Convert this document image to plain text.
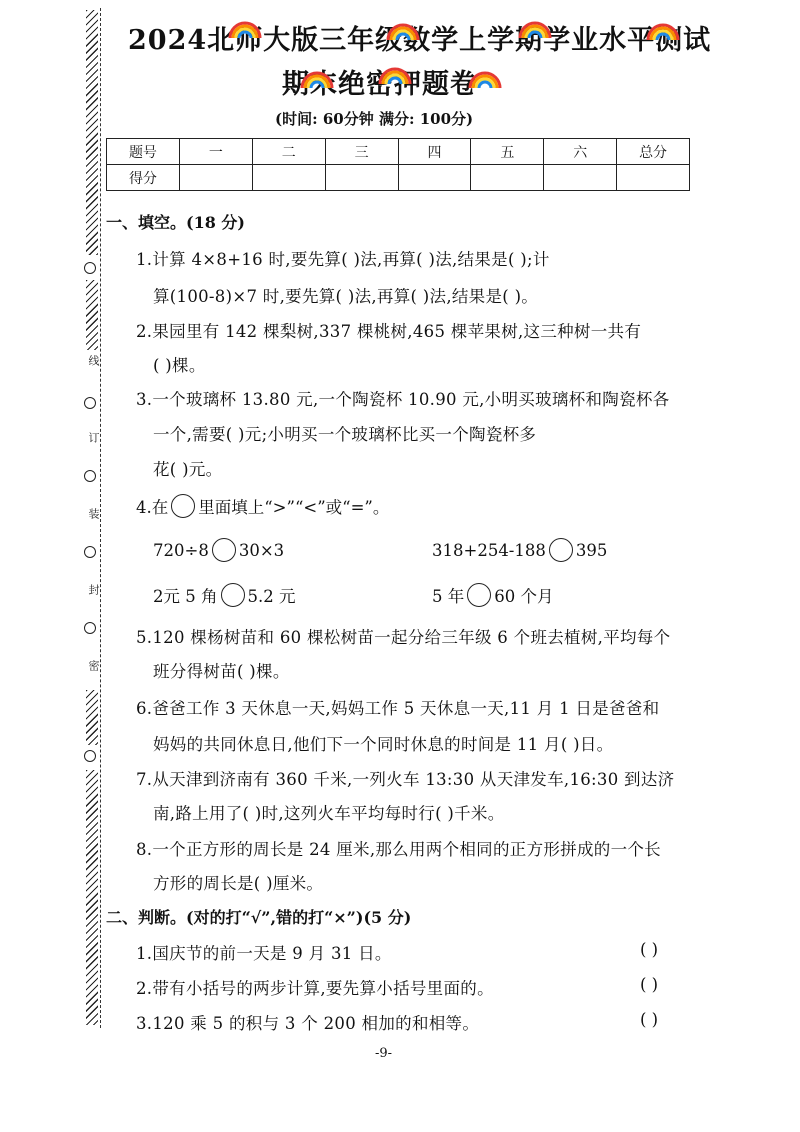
线
订
装
封
密
2024北师大版三年级数学上学期学业水平测试
期末绝密押题卷
(时间: 60分钟 满分: 100分)
题号	一	二	三	四	五	六	总分
得分							
一、填空。(18 分)
1.计算 4×8+16 时,要先算( )法,再算( )法,结果是( );计
算(100-8)×7 时,要先算( )法,再算( )法,结果是( )。
2.果园里有 142 棵梨树,337 棵桃树,465 棵苹果树,这三种树一共有
( )棵。
3.一个玻璃杯 13.80 元,一个陶瓷杯 10.90 元,小明买玻璃杯和陶瓷杯各
一个,需要( )元;小明买一个玻璃杯比买一个陶瓷杯多
花( )元。
4.在 里面填上“>”“<”或“=”。
720÷8 30×3	318+254-188 395
2元 5 角 5.2 元	5 年 60 个月
5.120 棵杨树苗和 60 棵松树苗一起分给三年级 6 个班去植树,平均每个
班分得树苗( )棵。
6.爸爸工作 3 天休息一天,妈妈工作 5 天休息一天,11 月 1 日是爸爸和
妈妈的共同休息日,他们下一个同时休息的时间是 11 月( )日。
7.从天津到济南有 360 千米,一列火车 13:30 从天津发车,16:30 到达济
南,路上用了( )时,这列火车平均每时行( )千米。
8.一个正方形的周长是 24 厘米,那么用两个相同的正方形拼成的一个长
方形的周长是( )厘米。
二、判断。(对的打“√”,错的打“×”)(5 分)
1.国庆节的前一天是 9 月 31 日。	( )
2.带有小括号的两步计算,要先算小括号里面的。	( )
3.120 乘 5 的积与 3 个 200 相加的和相等。	( )
-9-
